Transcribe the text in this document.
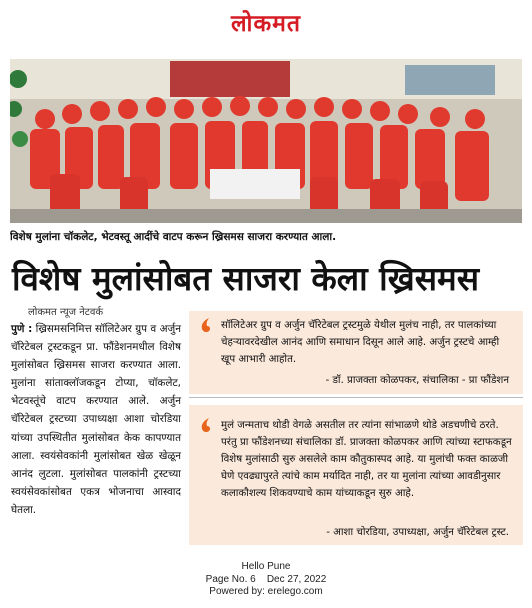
लोकमत
विशेष मुलांना चॉकलेट, भेटवस्तू आदींचे वाटप करून ख्रिसमस साजरा करण्यात आला.
विशेष मुलांसोबत साजरा केला ख्रिसमस
लोकमत न्यूज नेटवर्क
पुणे : ख्रिसमसनिमित्त सॉलिटेअर ग्रुप व अर्जुन चॅरिटेबल ट्रस्टकडून प्रा. फौंडेशनमधील विशेष मुलांसोबत ख्रिसमस साजरा करण्यात आला. मुलांना सांताक्लॉजकडून टोप्या, चॉकलेट, भेटवस्तूंचे वाटप करण्यात आले. अर्जुन चॅरिटेबल ट्रस्टच्या उपाध्यक्षा आशा चोरडिया यांच्या उपस्थितीत मुलांसोबत केक कापण्यात आला. स्वयंसेवकांनी मुलांसोबत खेळ खेळून आनंद लुटला. मुलांसोबत पालकांनी ट्रस्टच्या स्वयंसेवकांसोबत एकत्र भोजनाचा आस्वाद घेतला.
सॉलिटेअर ग्रुप व अर्जुन चॅरिटेबल ट्रस्टमुळे येथील मुलंच नाही, तर पालकांच्या चेहऱ्यावरदेखील आनंद आणि समाधान दिसून आले आहे. अर्जुन ट्रस्टचे आम्ही खूप आभारी आहोत.
- डॉ. प्राजक्ता कोळपकर, संचालिका - प्रा फौंडेशन
मुलं जन्मताच थोडी वेगळे असतील तर त्यांना सांभाळणे थोडे अडचणीचे ठरते. परंतु प्रा फौंडेशनच्या संचालिका डॉ. प्राजक्ता कोळपकर आणि त्यांच्या स्टाफकडून विशेष मुलांसाठी सुरु असलेले काम कौतुकास्पद आहे. या मुलांची फक्त काळजी घेणे एवढ्यापुरते त्यांचे काम मर्यादित नाही, तर या मुलांना त्यांच्या आवडीनुसार कलाकौशल्य शिकवण्याचे काम यांच्याकडून सुरु आहे.
- आशा चोरडिया, उपाध्यक्षा, अर्जुन चॅरिटेबल ट्रस्ट.
Hello Pune
Page No. 6    Dec 27, 2022
Powered by: erelego.com
